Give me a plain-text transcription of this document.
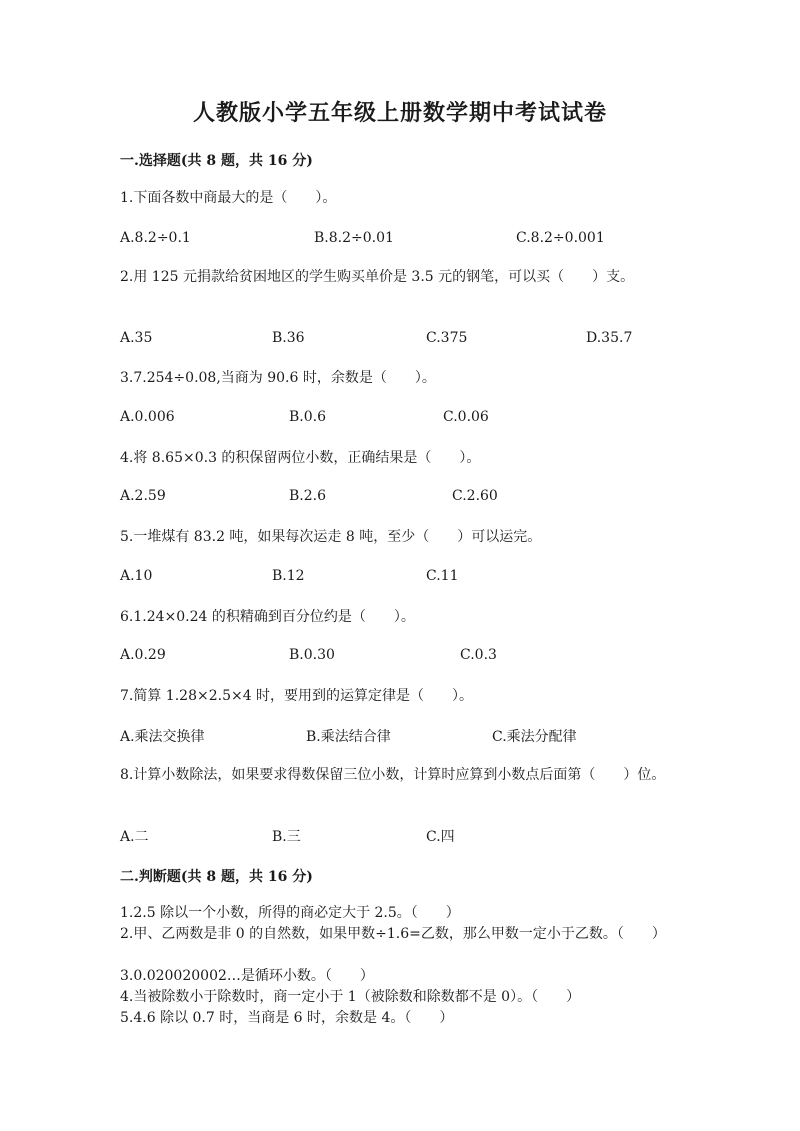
人教版小学五年级上册数学期中考试试卷
一.选择题(共 8 题，共 16 分)
1.下面各数中商最大的是（　　）。
A.8.2÷0.1	B.8.2÷0.01	C.8.2÷0.001
2.用 125 元捐款给贫困地区的学生购买单价是 3.5 元的钢笔，可以买（　　）支。
A.35	B.36	C.375	D.35.7
3.7.254÷0.08,当商为 90.6 时，余数是（　　）。
A.0.006	B.0.6	C.0.06
4.将 8.65×0.3 的积保留两位小数，正确结果是（　　）。
A.2.59	B.2.6	C.2.60
5.一堆煤有 83.2 吨，如果每次运走 8 吨，至少（　　）可以运完。
A.10	B.12	C.11
6.1.24×0.24 的积精确到百分位约是（　　）。
A.0.29	B.0.30	C.0.3
7.简算 1.28×2.5×4 时，要用到的运算定律是（　　）。
A.乘法交换律	B.乘法结合律	C.乘法分配律
8.计算小数除法，如果要求得数保留三位小数，计算时应算到小数点后面第（　　）位。
A.二	B.三	C.四
二.判断题(共 8 题，共 16 分)
1.2.5 除以一个小数，所得的商必定大于 2.5。（　　）
2.甲、乙两数是非 0 的自然数，如果甲数÷1.6=乙数，那么甲数一定小于乙数。（　　）
3.0.020020002…是循环小数。（　　）
4.当被除数小于除数时，商一定小于 1（被除数和除数都不是 0）。（　　）
5.4.6 除以 0.7 时，当商是 6 时，余数是 4。（　　）
